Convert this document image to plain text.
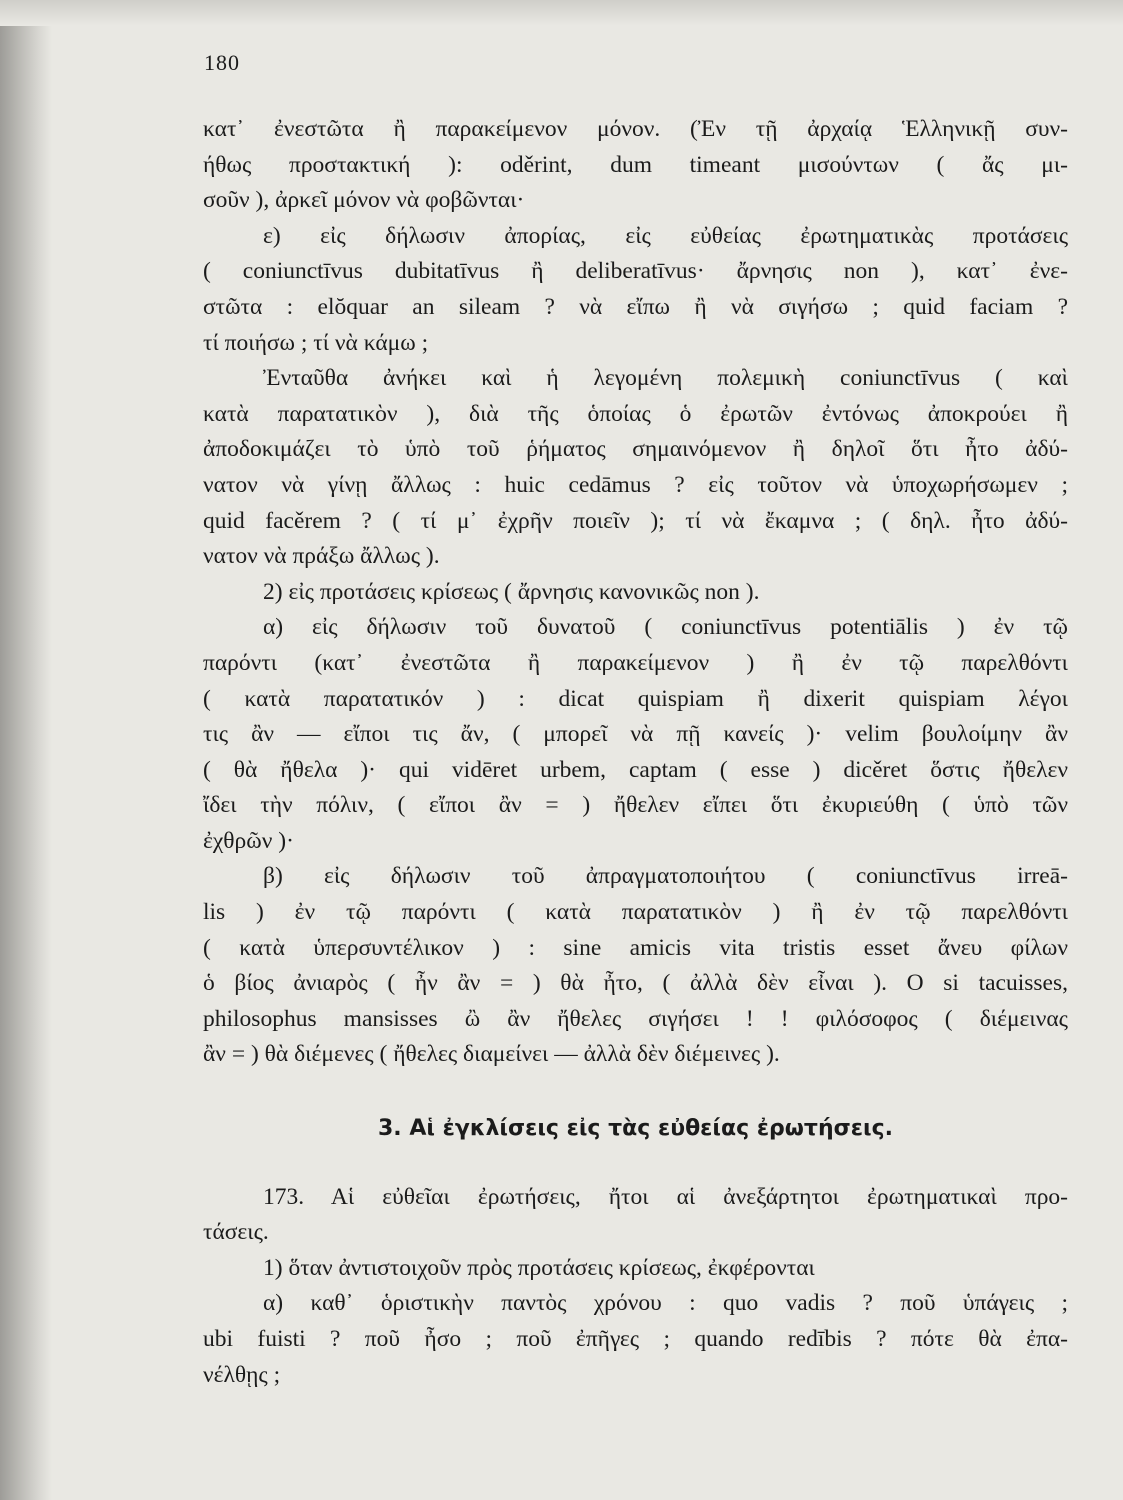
180
κατ᾽ ἐνεστῶτα ἢ παρακείμενον μόνον. (Ἐν τῇ ἀρχαίᾳ Ἑλληνικῇ συν-
ήθως προστακτική ): oděrint, dum timeant μισούντων ( ἄς μι-
σοῦν ), ἀρκεῖ μόνον νὰ φοβῶνται·
ε) εἰς δήλωσιν ἀπορίας, εἰς εὐθείας ἐρωτηματικὰς προτάσεις
( coniunctīvus dubitatīvus ἢ deliberatīvus· ἄρνησις non ), κατ᾽ ἐνε-
στῶτα : elŏquar an sileam ? νὰ εἴπω ἢ νὰ σιγήσω ; quid faciam ?
τί ποιήσω ; τί νὰ κάμω ;
Ἐνταῦθα ἀνήκει καὶ ἡ λεγομένη πολεμικὴ coniunctīvus ( καὶ
κατὰ παρατατικὸν ), διὰ τῆς ὁποίας ὁ ἐρωτῶν ἐντόνως ἀποκρούει ἢ
ἀποδοκιμάζει τὸ ὑπὸ τοῦ ῥήματος σημαινόμενον ἢ δηλοῖ ὅτι ἦτο ἀδύ-
νατον νὰ γίνῃ ἄλλως : huic cedāmus ? εἰς τοῦτον νὰ ὑποχωρήσωμεν ;
quid facěrem ? ( τί μ᾽ ἐχρῆν ποιεῖν ); τί νὰ ἔκαμνα ; ( δηλ. ἦτο ἀδύ-
νατον νὰ πράξω ἄλλως ).
2) εἰς προτάσεις κρίσεως ( ἄρνησις κανονικῶς non ).
α) εἰς δήλωσιν τοῦ δυνατοῦ ( coniunctīvus potentiālis ) ἐν τῷ
παρόντι (κατ᾽ ἐνεστῶτα ἢ παρακείμενον ) ἢ ἐν τῷ παρελθόντι
( κατὰ παρατατικόν ) : dicat quispiam ἢ dixerit quispiam λέγοι
τις ἂν — εἴποι τις ἄν, ( μπορεῖ νὰ πῇ κανείς )· velim βουλοίμην ἂν
( θὰ ἤθελα )· qui vidēret urbem, captam ( esse ) dicěret ὅστις ἤθελεν
ἴδει τὴν πόλιν, ( εἴποι ἂν = ) ἤθελεν εἴπει ὅτι ἐκυριεύθη ( ὑπὸ τῶν
ἐχθρῶν )·
β) εἰς δήλωσιν τοῦ ἀπραγματοποιήτου ( coniunctīvus irreā-
lis ) ἐν τῷ παρόντι ( κατὰ παρατατικὸν ) ἢ ἐν τῷ παρελθόντι
( κατὰ ὑπερσυντέλικον ) : sine amicis vita tristis esset ἄνευ φίλων
ὁ βίος ἀνιαρὸς ( ἦν ἂν = ) θὰ ἦτο, ( ἀλλὰ δὲν εἶναι ). O si tacuisses,
philosophus mansisses ὢ ἂν ἤθελες σιγήσει ! ! φιλόσοφος ( διέμεινας
ἂν = ) θὰ διέμενες ( ἤθελες διαμείνει — ἀλλὰ δὲν διέμεινες ).
3. Αἱ ἐγκλίσεις εἰς τὰς εὐθείας ἐρωτήσεις.
173. Αἱ εὐθεῖαι ἐρωτήσεις, ἤτοι αἱ ἀνεξάρτητοι ἐρωτηματικαὶ προ-
τάσεις.
1) ὅταν ἀντιστοιχοῦν πρὸς προτάσεις κρίσεως, ἐκφέρονται
α) καθ᾽ ὁριστικὴν παντὸς χρόνου : quo vadis ? ποῦ ὑπάγεις ;
ubi fuisti ? ποῦ ἦσο ; ποῦ ἐπῆγες ; quando redībis ? πότε θὰ ἐπα-
νέλθῃς ;
